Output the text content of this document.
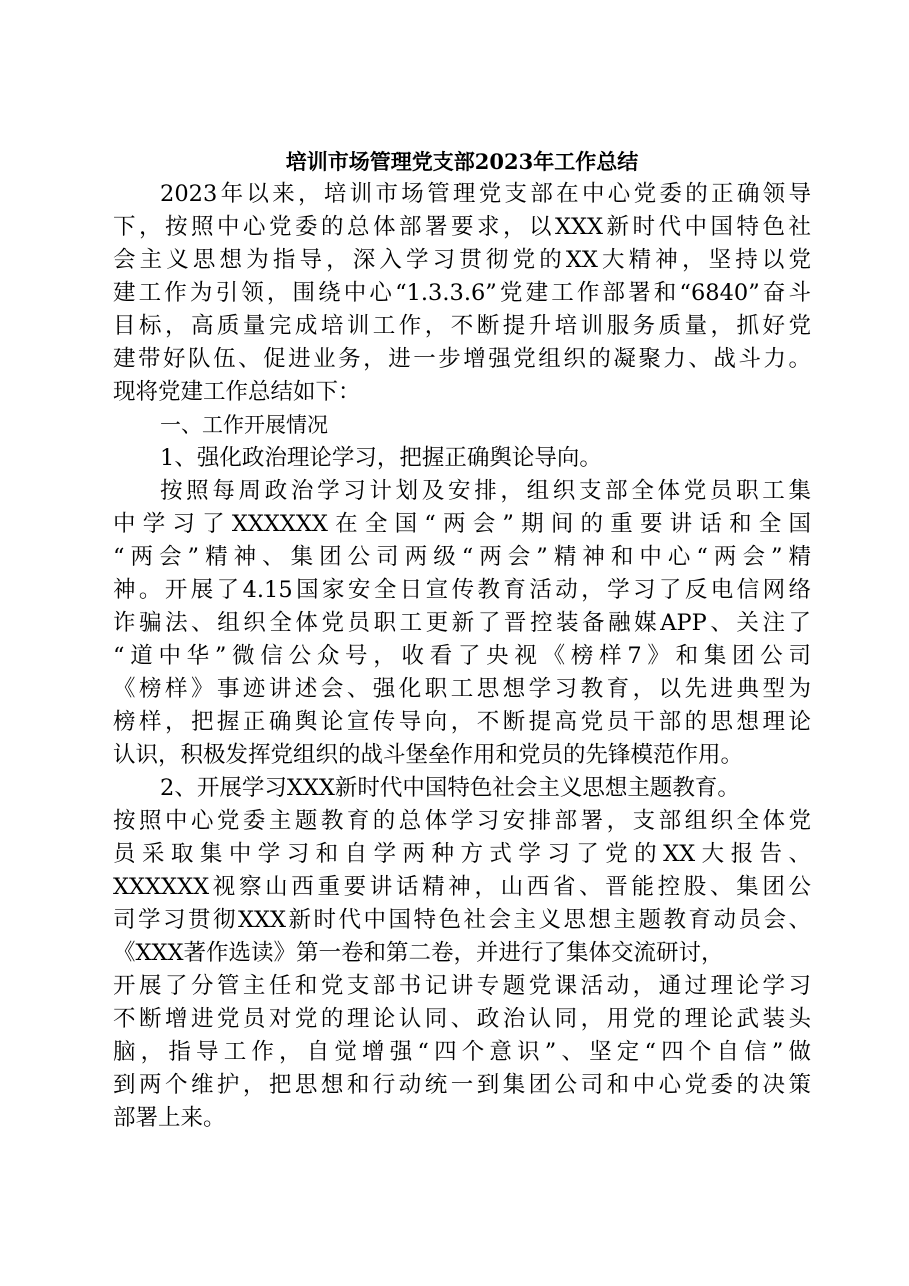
培训市场管理党支部2023年工作总结
2023年以来，培训市场管理党支部在中心党委的正确领导
下，按照中心党委的总体部署要求，以XXX新时代中国特色社
会主义思想为指导，深入学习贯彻党的XX大精神，坚持以党
建工作为引领，围绕中心“1.3.3.6”党建工作部署和“6840”奋斗
目标，高质量完成培训工作，不断提升培训服务质量，抓好党
建带好队伍、促进业务，进一步增强党组织的凝聚力、战斗力。
现将党建工作总结如下：
一、工作开展情况
1、强化政治理论学习，把握正确舆论导向。
按照每周政治学习计划及安排，组织支部全体党员职工集
中学习了XXXXXX在全国“两会”期间的重要讲话和全国
“两会”精神、集团公司两级“两会”精神和中心“两会”精
神。开展了4.15国家安全日宣传教育活动，学习了反电信网络
诈骗法、组织全体党员职工更新了晋控装备融媒APP、关注了
“道中华”微信公众号，收看了央视《榜样7》和集团公司
《榜样》事迹讲述会、强化职工思想学习教育，以先进典型为
榜样，把握正确舆论宣传导向，不断提高党员干部的思想理论
认识，积极发挥党组织的战斗堡垒作用和党员的先锋模范作用。
2、开展学习XXX新时代中国特色社会主义思想主题教育。
按照中心党委主题教育的总体学习安排部署，支部组织全体党
员采取集中学习和自学两种方式学习了党的XX大报告、
XXXXXX视察山西重要讲话精神，山西省、晋能控股、集团公
司学习贯彻XXX新时代中国特色社会主义思想主题教育动员会、
《XXX著作选读》第一卷和第二卷，并进行了集体交流研讨，
开展了分管主任和党支部书记讲专题党课活动，通过理论学习
不断增进党员对党的理论认同、政治认同，用党的理论武装头
脑，指导工作，自觉增强“四个意识”、坚定“四个自信”做
到两个维护，把思想和行动统一到集团公司和中心党委的决策
部署上来。
